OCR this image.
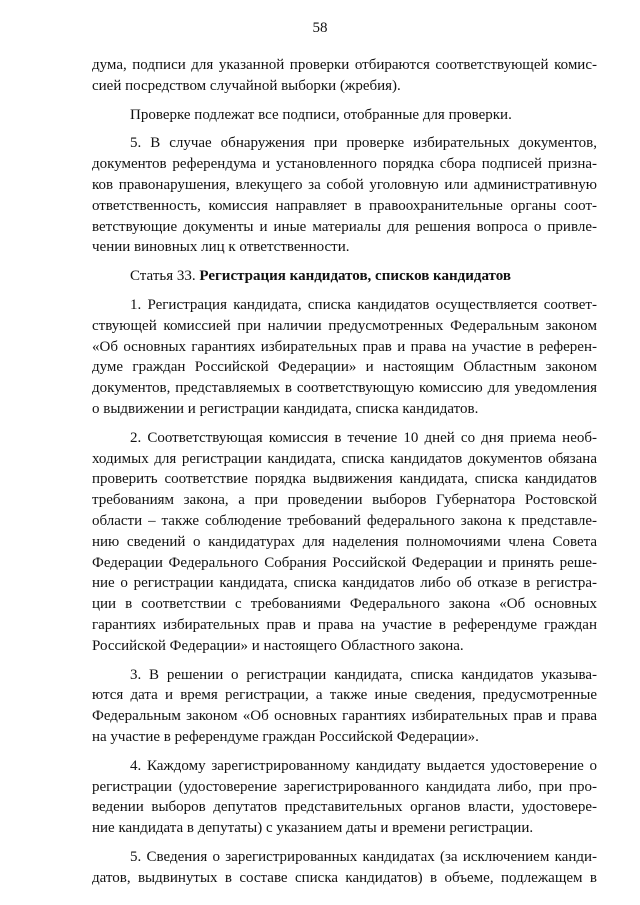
58
дума, подписи для указанной проверки отбираются соответствующей комис-
сией посредством случайной выборки (жребия).
Проверке подлежат все подписи, отобранные для проверки.
5. В случае обнаружения при проверке избирательных документов,
документов референдума и установленного порядка сбора подписей призна-
ков правонарушения, влекущего за собой уголовную или административную
ответственность, комиссия направляет в правоохранительные органы соот-
ветствующие документы и иные материалы для решения вопроса о привле-
чении виновных лиц к ответственности.
Статья 33. Регистрация кандидатов, списков кандидатов
1. Регистрация кандидата, списка кандидатов осуществляется соответ-
ствующей комиссией при наличии предусмотренных Федеральным законом
«Об основных гарантиях избирательных прав и права на участие в референ-
думе граждан Российской Федерации» и настоящим Областным законом
документов, представляемых в соответствующую комиссию для уведомления
о выдвижении и регистрации кандидата, списка кандидатов.
2. Соответствующая комиссия в течение 10 дней со дня приема необ-
ходимых для регистрации кандидата, списка кандидатов документов обязана
проверить соответствие порядка выдвижения кандидата, списка кандидатов
требованиям закона, а при проведении выборов Губернатора Ростовской
области – также соблюдение требований федерального закона к представле-
нию сведений о кандидатурах для наделения полномочиями члена Совета
Федерации Федерального Собрания Российской Федерации и принять реше-
ние о регистрации кандидата, списка кандидатов либо об отказе в регистра-
ции в соответствии с требованиями Федерального закона «Об основных
гарантиях избирательных прав и права на участие в референдуме граждан
Российской Федерации» и настоящего Областного закона.
3. В решении о регистрации кандидата, списка кандидатов указыва-
ются дата и время регистрации, а также иные сведения, предусмотренные
Федеральным законом «Об основных гарантиях избирательных прав и права
на участие в референдуме граждан Российской Федерации».
4. Каждому зарегистрированному кандидату выдается удостоверение о
регистрации (удостоверение зарегистрированного кандидата либо, при про-
ведении выборов депутатов представительных органов власти, удостовере-
ние кандидата в депутаты) с указанием даты и времени регистрации.
5. Сведения о зарегистрированных кандидатах (за исключением канди-
датов, выдвинутых в составе списка кандидатов) в объеме, подлежащем в
